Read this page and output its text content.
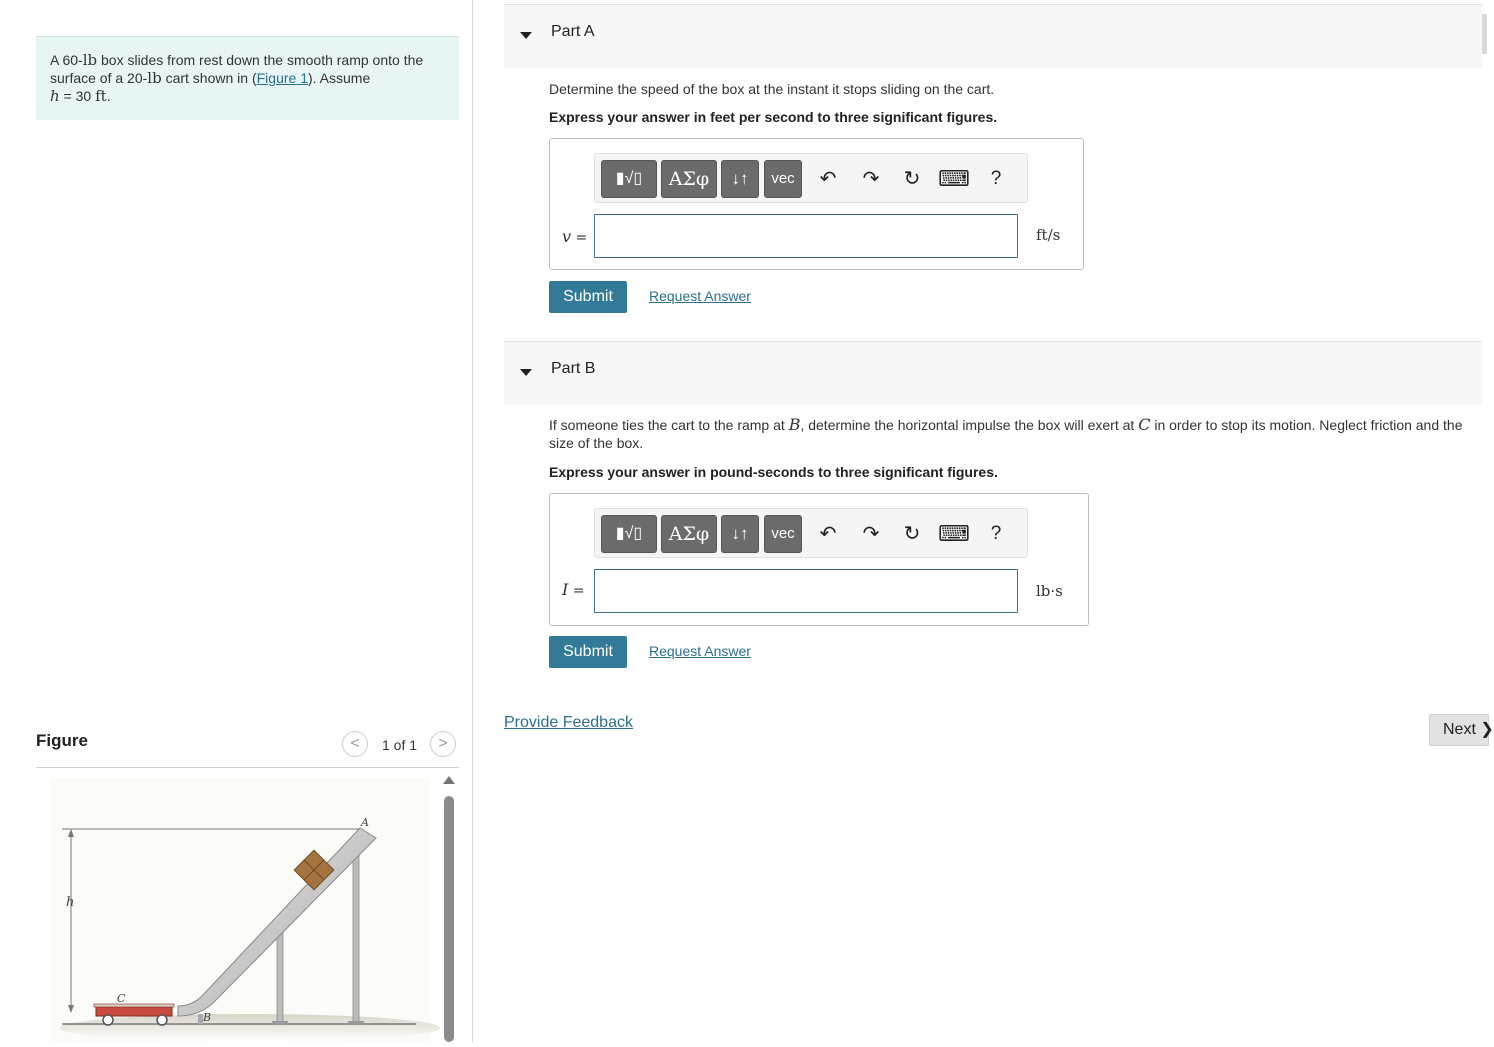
A 60-lb box slides from rest down the smooth ramp onto the surface of a 20-lb cart shown in (Figure 1). Assume
h = 30 ft.
Figure	<	1 of 1	>
h
A
B
C
Part A
Determine the speed of the box at the instant it stops sliding on the cart.
Express your answer in feet per second to three significant figures.
▮√▯	ΑΣφ	↓↑	vec	↶	↷	↻ ⌨	?
v =	ft/s
Submit	Request Answer
Part B
If someone ties the cart to the ramp at B, determine the horizontal impulse the box will exert at C in order to stop its motion. Neglect friction and the size of the box.
Express your answer in pound-seconds to three significant figures.
▮√▯	ΑΣφ	↓↑	vec	↶	↷	↻ ⌨	?
I =	lb·s
Submit	Request Answer
Provide Feedback	Next ❯
